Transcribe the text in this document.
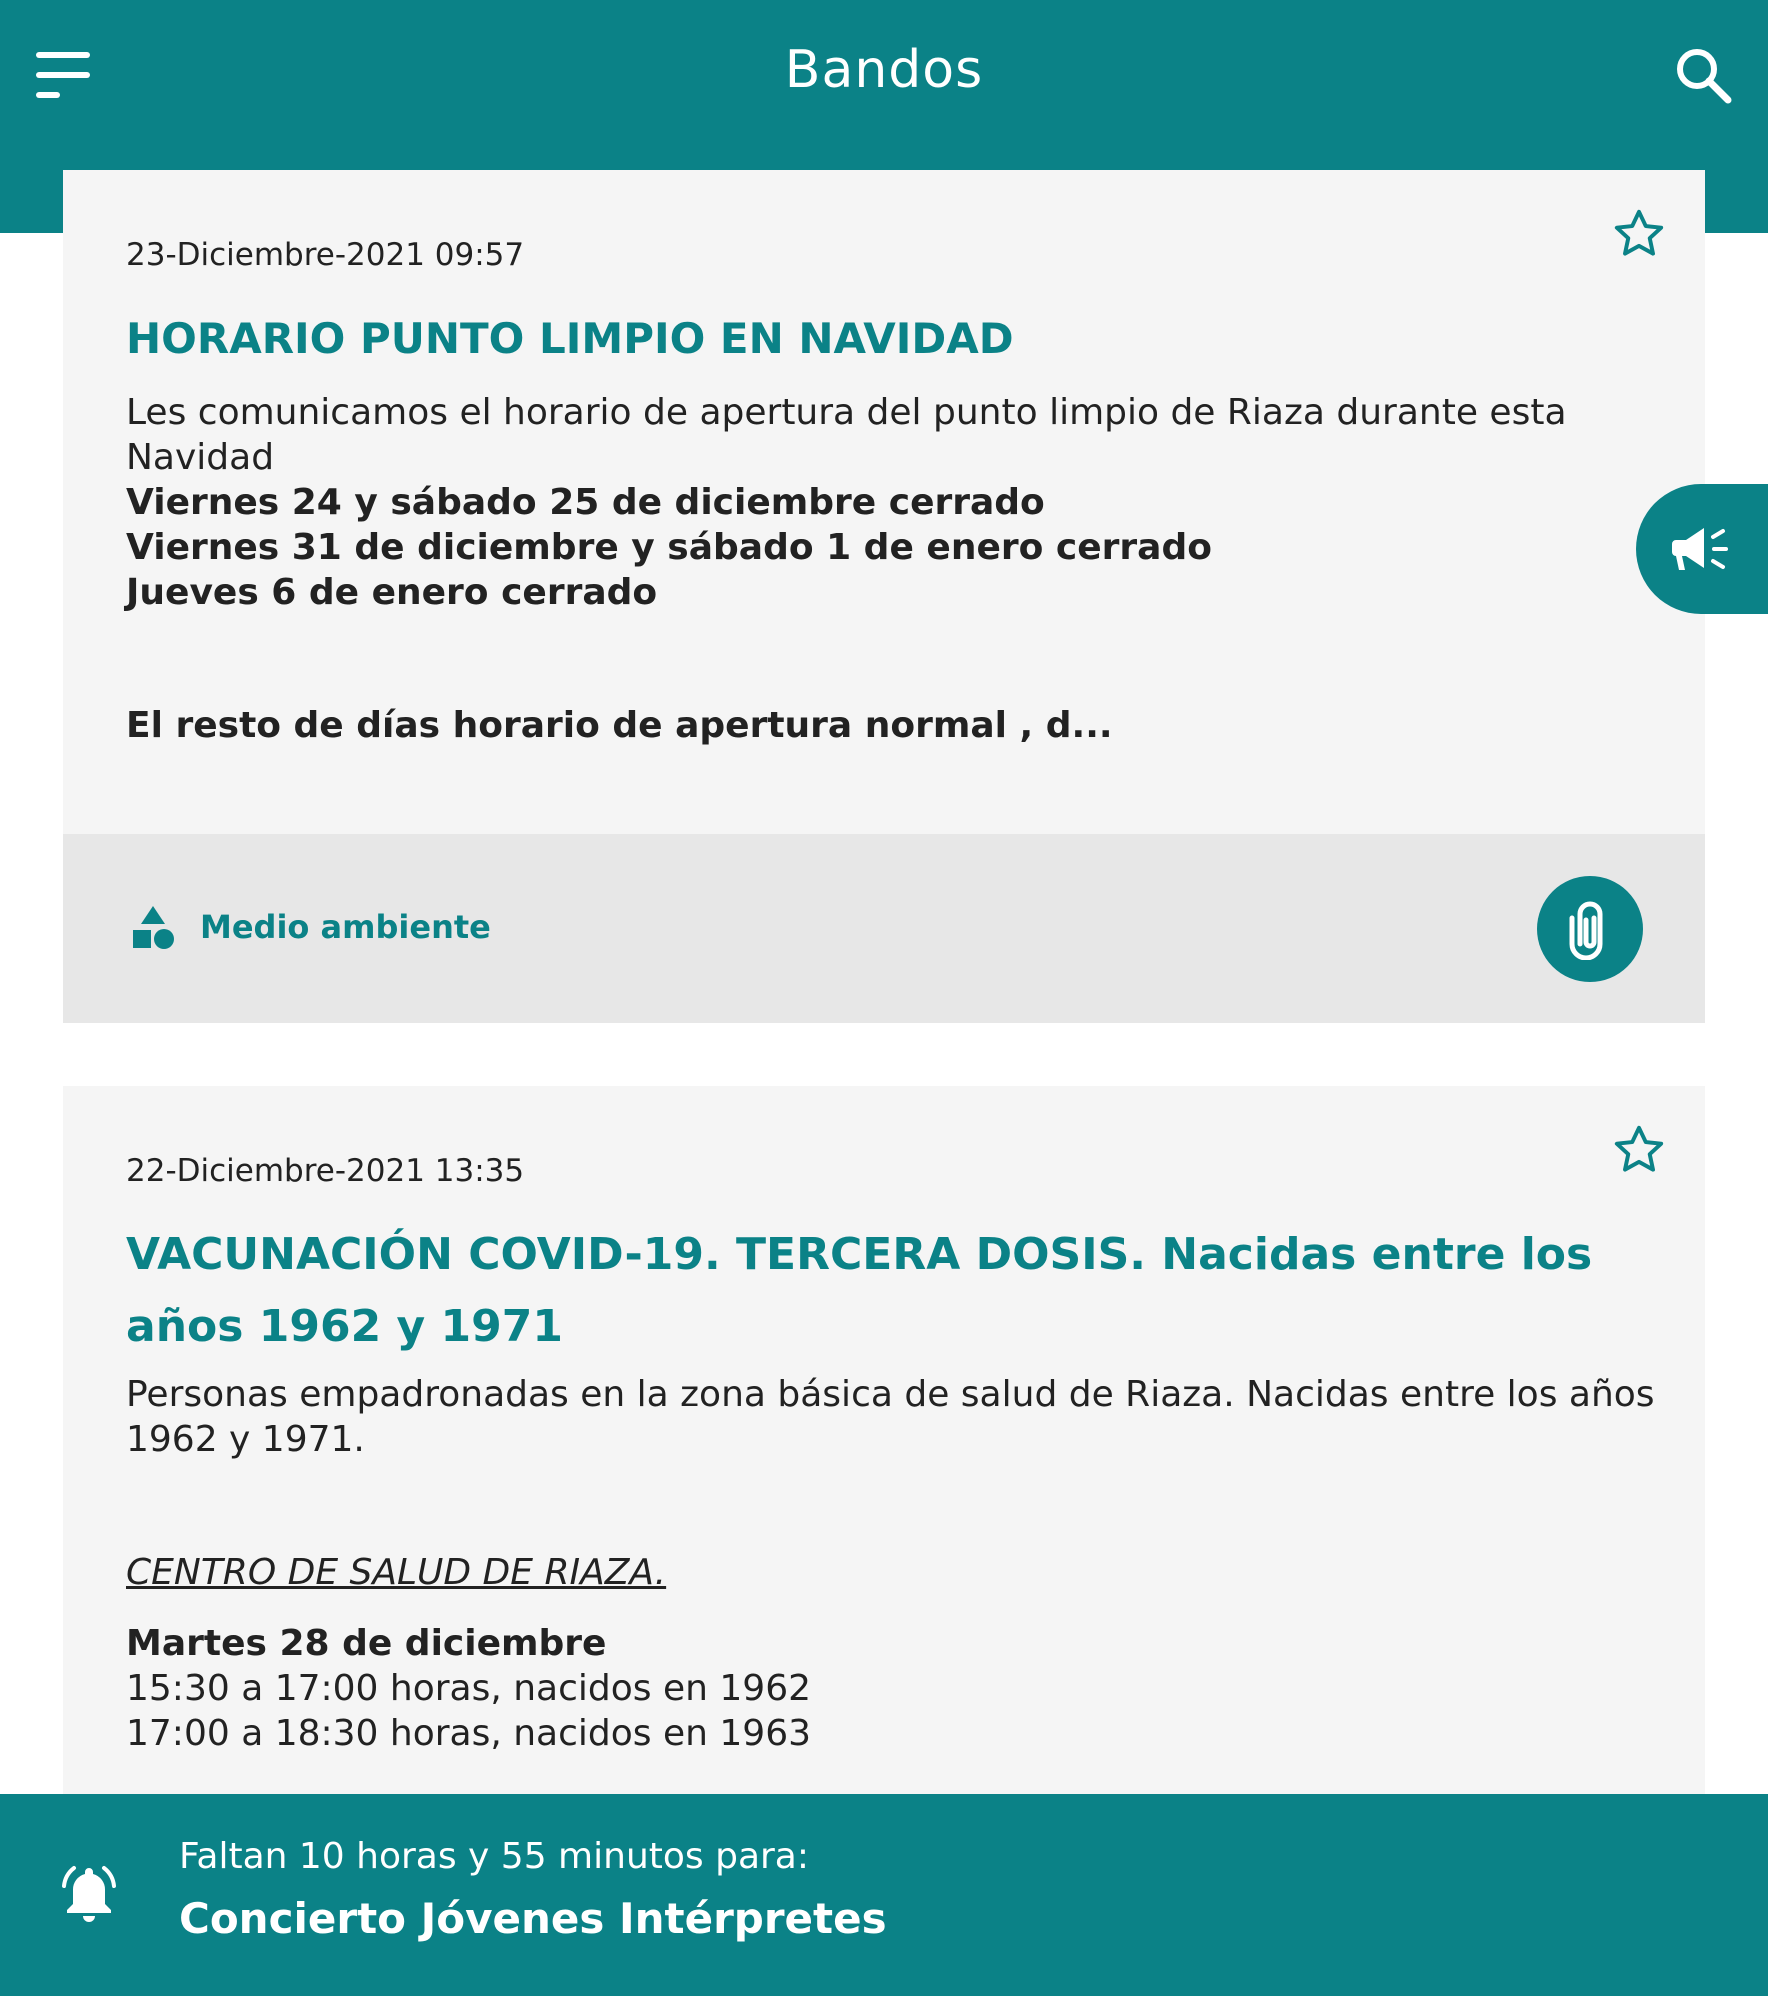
Bandos
23-Diciembre-2021 09:57
HORARIO PUNTO LIMPIO EN NAVIDAD
Les comunicamos el horario de apertura del punto limpio de Riaza durante esta Navidad
Viernes 24 y sábado 25 de diciembre cerrado
Viernes 31 de diciembre y sábado 1 de enero cerrado
Jueves 6 de enero cerrado
El resto de días horario de apertura normal , d...
Medio ambiente
22-Diciembre-2021 13:35
VACUNACIÓN COVID-19. TERCERA DOSIS. Nacidas entre los años 1962 y 1971
Personas empadronadas en la zona básica de salud de Riaza. Nacidas entre los años 1962 y 1971.
CENTRO DE SALUD DE RIAZA.
Martes 28 de diciembre
15:30 a 17:00 horas, nacidos en 1962
17:00 a 18:30 horas, nacidos en 1963
Faltan 10 horas y 55 minutos para:
Concierto Jóvenes Intérpretes
